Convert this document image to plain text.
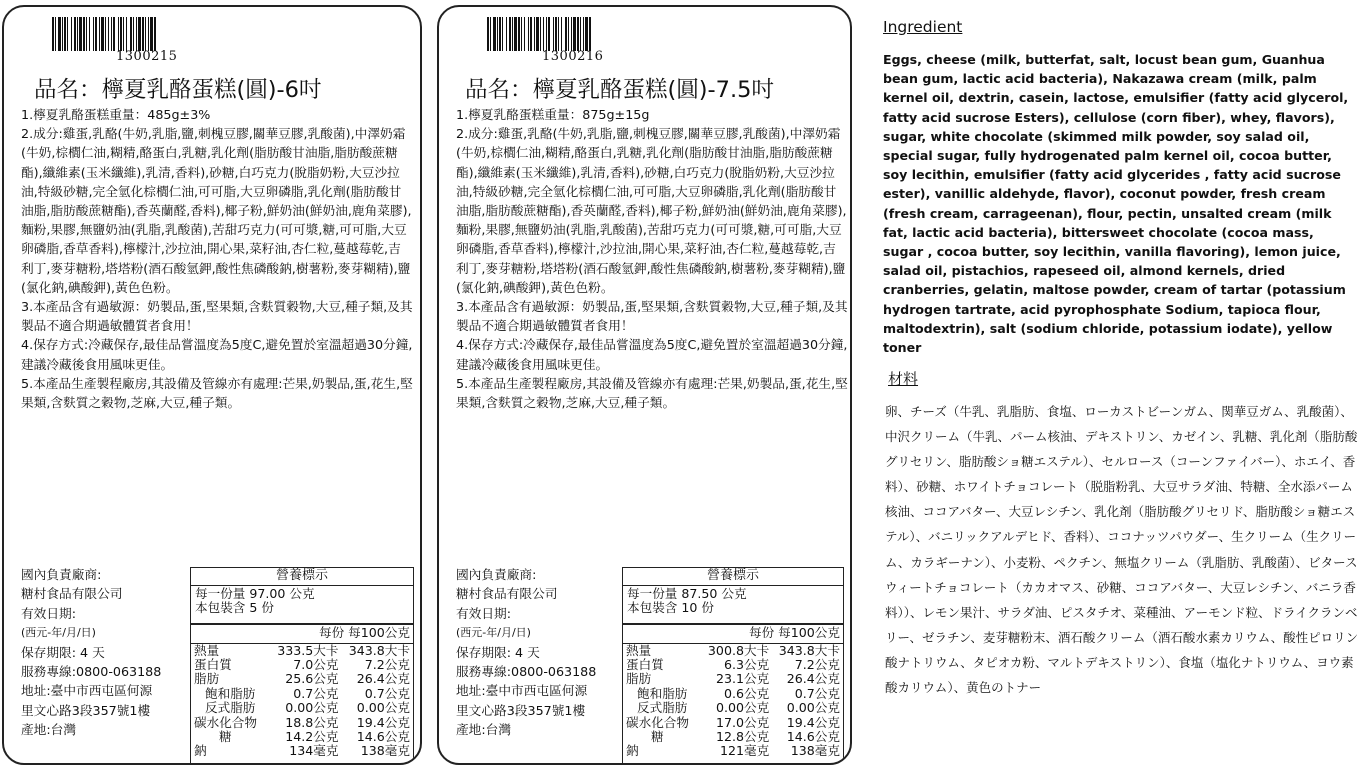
1300215
品名：檸夏乳酪蛋糕(圓)-6吋

1.檸夏乳酪蛋糕重量：485g±3%

2.成分:雞蛋,乳酪(牛奶,乳脂,鹽,刺槐豆膠,關華豆膠,乳酸菌),中澤奶霜(牛奶,棕櫚仁油,糊精,酪蛋白,乳糖,乳化劑(脂肪酸甘油脂,脂肪酸蔗糖酯),纖維素(玉米纖維),乳清,香料),砂糖,白巧克力(脫脂奶粉,大豆沙拉油,特級砂糖,完全氫化棕櫚仁油,可可脂,大豆卵磷脂,乳化劑(脂肪酸甘油脂,脂肪酸蔗糖酯),香英蘭醛,香料),椰子粉,鮮奶油(鮮奶油,鹿角菜膠),麵粉,果膠,無鹽奶油(乳脂,乳酸菌),苦甜巧克力(可可漿,糖,可可脂,大豆卵磷脂,香草香料),檸檬汁,沙拉油,開心果,菜籽油,杏仁粒,蔓越莓乾,吉利丁,麥芽糖粉,塔塔粉(酒石酸氫鉀,酸性焦磷酸鈉,樹薯粉,麥芽糊精),鹽(氯化鈉,碘酸鉀),黃色色粉。

3.本產品含有過敏源：奶製品,蛋,堅果類,含麩質穀物,大豆,種子類,及其製品不適合期過敏體質者食用！

4.保存方式:冷藏保存,最佳品嘗溫度為5度C,避免置於室溫超過30分鐘,建議冷藏後食用風味更佳。

5.本產品生產製程廠房,其設備及管線亦有處理:芒果,奶製品,蛋,花生,堅果類,含麩質之穀物,芝麻,大豆,種子類。

國內負責廠商:

糖村食品有限公司

有效日期:

(西元-年/月/日)

保存期限: 4 天

服務專線:0800-063188

地址:臺中市西屯區何源

里文心路3段357號1樓

產地:台灣

營養標示
每一份量 97.00 公克
本包裝含 5 份
每份 每100公克
熱量	333.5大卡	343.8大卡
蛋白質	7.0公克	7.2公克
脂肪	25.6公克	26.4公克
飽和脂肪	0.7公克	0.7公克
反式脂肪	0.00公克	0.00公克
碳水化合物	18.8公克	19.4公克
糖	14.2公克	14.6公克
鈉	134毫克	138毫克
1300216
品名：檸夏乳酪蛋糕(圓)-7.5吋

1.檸夏乳酪蛋糕重量：875g±15g

2.成分:雞蛋,乳酪(牛奶,乳脂,鹽,刺槐豆膠,關華豆膠,乳酸菌),中澤奶霜(牛奶,棕櫚仁油,糊精,酪蛋白,乳糖,乳化劑(脂肪酸甘油脂,脂肪酸蔗糖酯),纖維素(玉米纖維),乳清,香料),砂糖,白巧克力(脫脂奶粉,大豆沙拉油,特級砂糖,完全氫化棕櫚仁油,可可脂,大豆卵磷脂,乳化劑(脂肪酸甘油脂,脂肪酸蔗糖酯),香英蘭醛,香料),椰子粉,鮮奶油(鮮奶油,鹿角菜膠),麵粉,果膠,無鹽奶油(乳脂,乳酸菌),苦甜巧克力(可可漿,糖,可可脂,大豆卵磷脂,香草香料),檸檬汁,沙拉油,開心果,菜籽油,杏仁粒,蔓越莓乾,吉利丁,麥芽糖粉,塔塔粉(酒石酸氫鉀,酸性焦磷酸鈉,樹薯粉,麥芽糊精),鹽(氯化鈉,碘酸鉀),黃色色粉。

3.本產品含有過敏源：奶製品,蛋,堅果類,含麩質穀物,大豆,種子類,及其製品不適合期過敏體質者食用！

4.保存方式:冷藏保存,最佳品嘗溫度為5度C,避免置於室溫超過30分鐘,建議冷藏後食用風味更佳。

5.本產品生產製程廠房,其設備及管線亦有處理:芒果,奶製品,蛋,花生,堅果類,含麩質之穀物,芝麻,大豆,種子類。

國內負責廠商:

糖村食品有限公司

有效日期:

(西元-年/月/日)

保存期限: 4 天

服務專線:0800-063188

地址:臺中市西屯區何源

里文心路3段357號1樓

產地:台灣

營養標示
每一份量 87.50 公克
本包裝含 10 份
每份 每100公克
熱量	300.8大卡	343.8大卡
蛋白質	6.3公克	7.2公克
脂肪	23.1公克	26.4公克
飽和脂肪	0.6公克	0.7公克
反式脂肪	0.00公克	0.00公克
碳水化合物	17.0公克	19.4公克
糖	12.8公克	14.6公克
鈉	121毫克	138毫克
Ingredient

Eggs, cheese (milk, butterfat, salt, locust bean gum, Guanhua bean gum, lactic acid bacteria), Nakazawa cream (milk, palm kernel oil, dextrin, casein, lactose, emulsifier (fatty acid glycerol, fatty acid sucrose Esters), cellulose (corn fiber), whey, flavors), sugar, white chocolate (skimmed milk powder, soy salad oil, special sugar, fully hydrogenated palm kernel oil, cocoa butter, soy lecithin, emulsifier (fatty acid glycerides , fatty acid sucrose ester), vanillic aldehyde, flavor), coconut powder, fresh cream (fresh cream, carrageenan), flour, pectin, unsalted cream (milk fat, lactic acid bacteria), bittersweet chocolate (cocoa mass, sugar , cocoa butter, soy lecithin, vanilla flavoring), lemon juice, salad oil, pistachios, rapeseed oil, almond kernels, dried cranberries, gelatin, maltose powder, cream of tartar (potassium hydrogen tartrate, acid pyrophosphate Sodium, tapioca flour, maltodextrin), salt (sodium chloride, potassium iodate), yellow toner

材料

卵、チーズ（牛乳、乳脂肪、食塩、ローカストビーンガム、関華豆ガム、乳酸菌）、中沢クリーム（牛乳、パーム核油、デキストリン、カゼイン、乳糖、乳化剤（脂肪酸グリセリン、脂肪酸ショ糖エステル）、セルロース（コーンファイバー）、ホエイ、香料）、砂糖、ホワイトチョコレート（脱脂粉乳、大豆サラダ油、特糖、全水添パーム核油、ココアバター、大豆レシチン、乳化剤（脂肪酸グリセリド、脂肪酸ショ糖エステル）、バニリックアルデヒド、香料）、ココナッツパウダー、生クリーム（生クリーム、カラギーナン）、小麦粉、ペクチン、無塩クリーム（乳脂肪、乳酸菌）、ビタースウィートチョコレート（カカオマス、砂糖、ココアバター、大豆レシチン、バニラ香料））、レモン果汁、サラダ油、ピスタチオ、菜種油、アーモンド粒、ドライクランベリー、ゼラチン、麦芽糖粉末、酒石酸クリーム（酒石酸水素カリウム、酸性ピロリン酸ナトリウム、タピオカ粉、マルトデキストリン）、食塩（塩化ナトリウム、ヨウ素酸カリウム）、黄色のトナー
